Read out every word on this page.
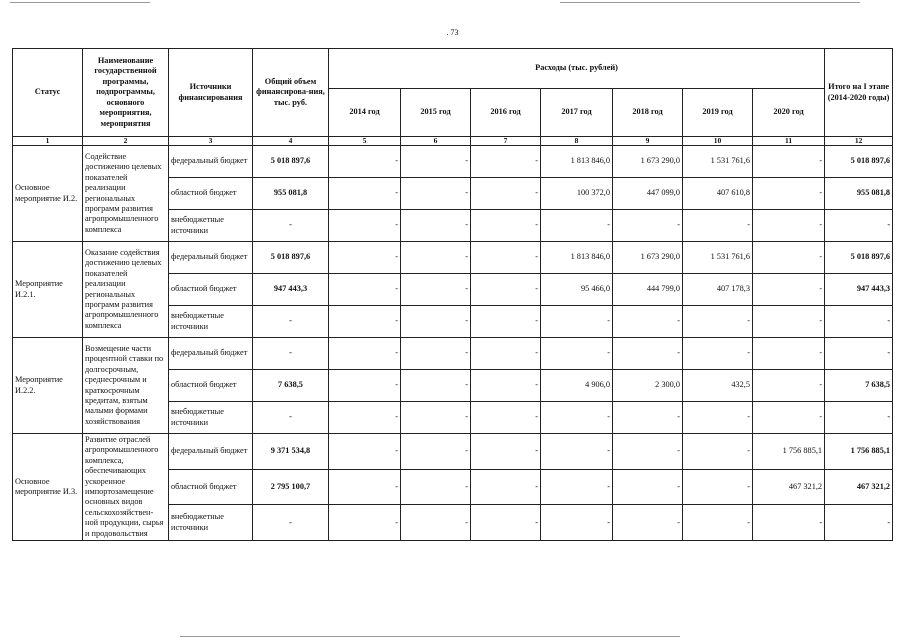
. 73
Статус	Наименование государственной программы, подпрограммы, основного мероприятия, мероприятия	Источники финансирования	Общий объем финансирова-ния, тыс. руб.	Расходы (тыс. рублей)							Итого на I этапе (2014-2020 годы)
				2014 год	2015 год	2016 год	2017 год	2018 год	2019 год	2020 год	
1	2	3	4	5	6	7	8	9	10	11	12
Основное мероприятие И.2.	Содействие достижению целевых показателей реализации региональных программ развития агропромышленного комплекса	федеральный бюджет	5 018 897,6	-	-	-	1 813 846,0	1 673 290,0	1 531 761,6	-	5 018 897,6
		областной бюджет	955 081,8	-	-	-	100 372,0	447 099,0	407 610,8	-	955 081,8
		внебюджетные источники	-	-	-	-	-	-	-	-	-
Мероприятие И.2.1.	Оказание содействия достижению целевых показателей реализации региональных программ развития агропромышленного комплекса	федеральный бюджет	5 018 897,6	-	-	-	1 813 846,0	1 673 290,0	1 531 761,6	-	5 018 897,6
		областной бюджет	947 443,3	-	-	-	95 466,0	444 799,0	407 178,3	-	947 443,3
		внебюджетные источники	-	-	-	-	-	-	-	-	-
Мероприятие И.2.2.	Возмещение части процентной ставки по долгосрочным, среднесрочным и краткосрочным кредитам, взятым малыми формами хозяйствования	федеральный бюджет	-	-	-	-	-	-	-	-	-
		областной бюджет	7 638,5	-	-	-	4 906,0	2 300,0	432,5	-	7 638,5
		внебюджетные источники	-	-	-	-	-	-	-	-	-
Основное мероприятие И.3.	Развитие отраслей агропромышленного комплекса, обеспечивающих ускоренное импортозамещение основных видов сельскохозяйствен-ной продукции, сырья и продовольствия	федеральный бюджет	9 371 534,8	-	-	-	-	-	-	1 756 885,1	1 756 885,1
		областной бюджет	2 795 100,7	-	-	-	-	-	-	467 321,2	467 321,2
		внебюджетные источники	-	-	-	-	-	-	-	-	-
